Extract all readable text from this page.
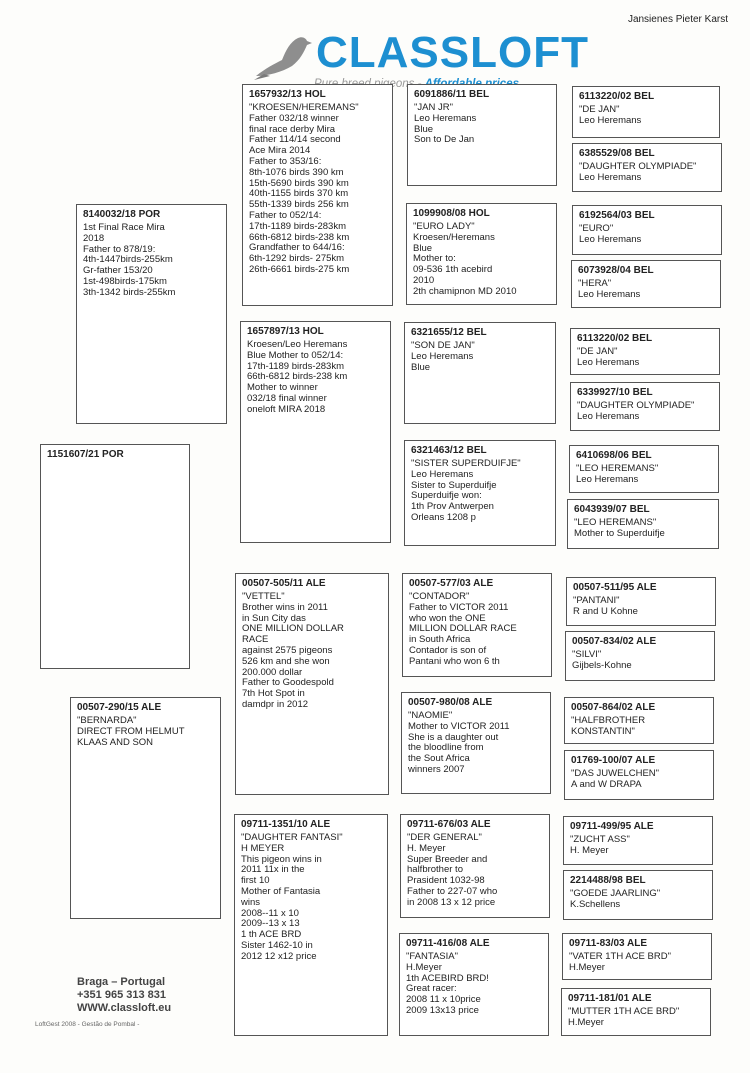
Jansienes Pieter Karst
CLASSLOFT
pigeons
1151607/21 POR
8140032/18 POR
1st Final Race Mira
2018
Father to 878/19:
4th-1447birds-255km
Gr-father 153/20
1st-498birds-175km
3th-1342 birds-255km
00507-290/15 ALE
"BERNARDA"
DIRECT FROM HELMUT
KLAAS AND SON
1657932/13 HOL
"KROESEN/HEREMANS"
Father 032/18 winner
final race derby Mira
Father 114/14 second
Ace Mira 2014
Father to 353/16:
8th-1076 birds 390 km
15th-5690 birds 390 km
40th-1155 birds 370 km
55th-1339 birds 256 km
Father to 052/14:
17th-1189 birds-283km
66th-6812 birds-238 km
Grandfather to 644/16:
6th-1292 birds- 275km
26th-6661 birds-275 km
1657897/13 HOL
Kroesen/Leo Heremans
Blue Mother to 052/14:
17th-1189 birds-283km
66th-6812 birds-238 km
Mother to winner
032/18 final winner
oneloft MIRA 2018
00507-505/11 ALE
"VETTEL"
Brother wins in 2011
in Sun City das
ONE MILLION DOLLAR
RACE
against 2575 pigeons
526 km and she won
200.000 dollar
Father to Goodespold
7th Hot Spot in
damdpr in 2012
09711-1351/10 ALE
"DAUGHTER FANTASI"
H MEYER
This pigeon wins in
2011 11x in the
first 10
Mother of Fantasia
wins
2008--11 x 10
2009--13 x 13
1 th ACE BRD
Sister 1462-10 in
2012 12 x12 price
6091886/11 BEL
"JAN JR"
Leo Heremans
Blue
Son to De Jan
1099908/08 HOL
"EURO LADY"
Kroesen/Heremans
Blue
Mother to:
09-536 1th acebird
2010
2th chamipnon MD 2010
6321655/12 BEL
"SON DE JAN"
Leo Heremans
Blue
6321463/12 BEL
"SISTER SUPERDUIFJE"
Leo Heremans
Sister to Superduifje
Superduifje won:
1th Prov Antwerpen
Orleans 1208 p
00507-577/03 ALE
"CONTADOR"
Father to VICTOR 2011
who won the ONE
MILLION DOLLAR RACE
in South Africa
Contador is son of
Pantani who won 6 th
00507-980/08 ALE
"NAOMIE"
Mother to VICTOR 2011
She is a daughter out
the bloodline from
the Sout Africa
winners 2007
09711-676/03 ALE
"DER GENERAL"
H. Meyer
Super Breeder and
halfbrother to
Prasident 1032-98
Father to 227-07 who
in 2008 13 x 12 price
09711-416/08 ALE
"FANTASIA"
H.Meyer
1th ACEBIRD BRD!
Great racer:
2008 11 x 10price
2009 13x13 price
6113220/02 BEL
"DE JAN"
Leo Heremans
6385529/08 BEL
"DAUGHTER OLYMPIADE"
Leo Heremans
6192564/03 BEL
"EURO"
Leo Heremans
6073928/04 BEL
"HERA"
Leo Heremans
6113220/02 BEL
"DE JAN"
Leo Heremans
6339927/10 BEL
"DAUGHTER OLYMPIADE"
Leo Heremans
6410698/06 BEL
"LEO HEREMANS"
Leo Heremans
6043939/07 BEL
"LEO HEREMANS"
Mother to Superduifje
00507-511/95 ALE
"PANTANI"
R and U Kohne
00507-834/02 ALE
"SILVI"
Gijbels-Kohne
00507-864/02 ALE
"HALFBROTHER
KONSTANTIN"
01769-100/07 ALE
"DAS JUWELCHEN"
A and W DRAPA
09711-499/95 ALE
"ZUCHT ASS"
H. Meyer
2214488/98 BEL
"GOEDE JAARLING"
K.Schellens
09711-83/03 ALE
"VATER 1TH ACE BRD"
H.Meyer
09711-181/01 ALE
"MUTTER 1TH ACE BRD"
H.Meyer
Braga – Portugal
+351 965 313 831
WWW.classloft.eu
LoftGest 2008 - Gestão de Pombal -
